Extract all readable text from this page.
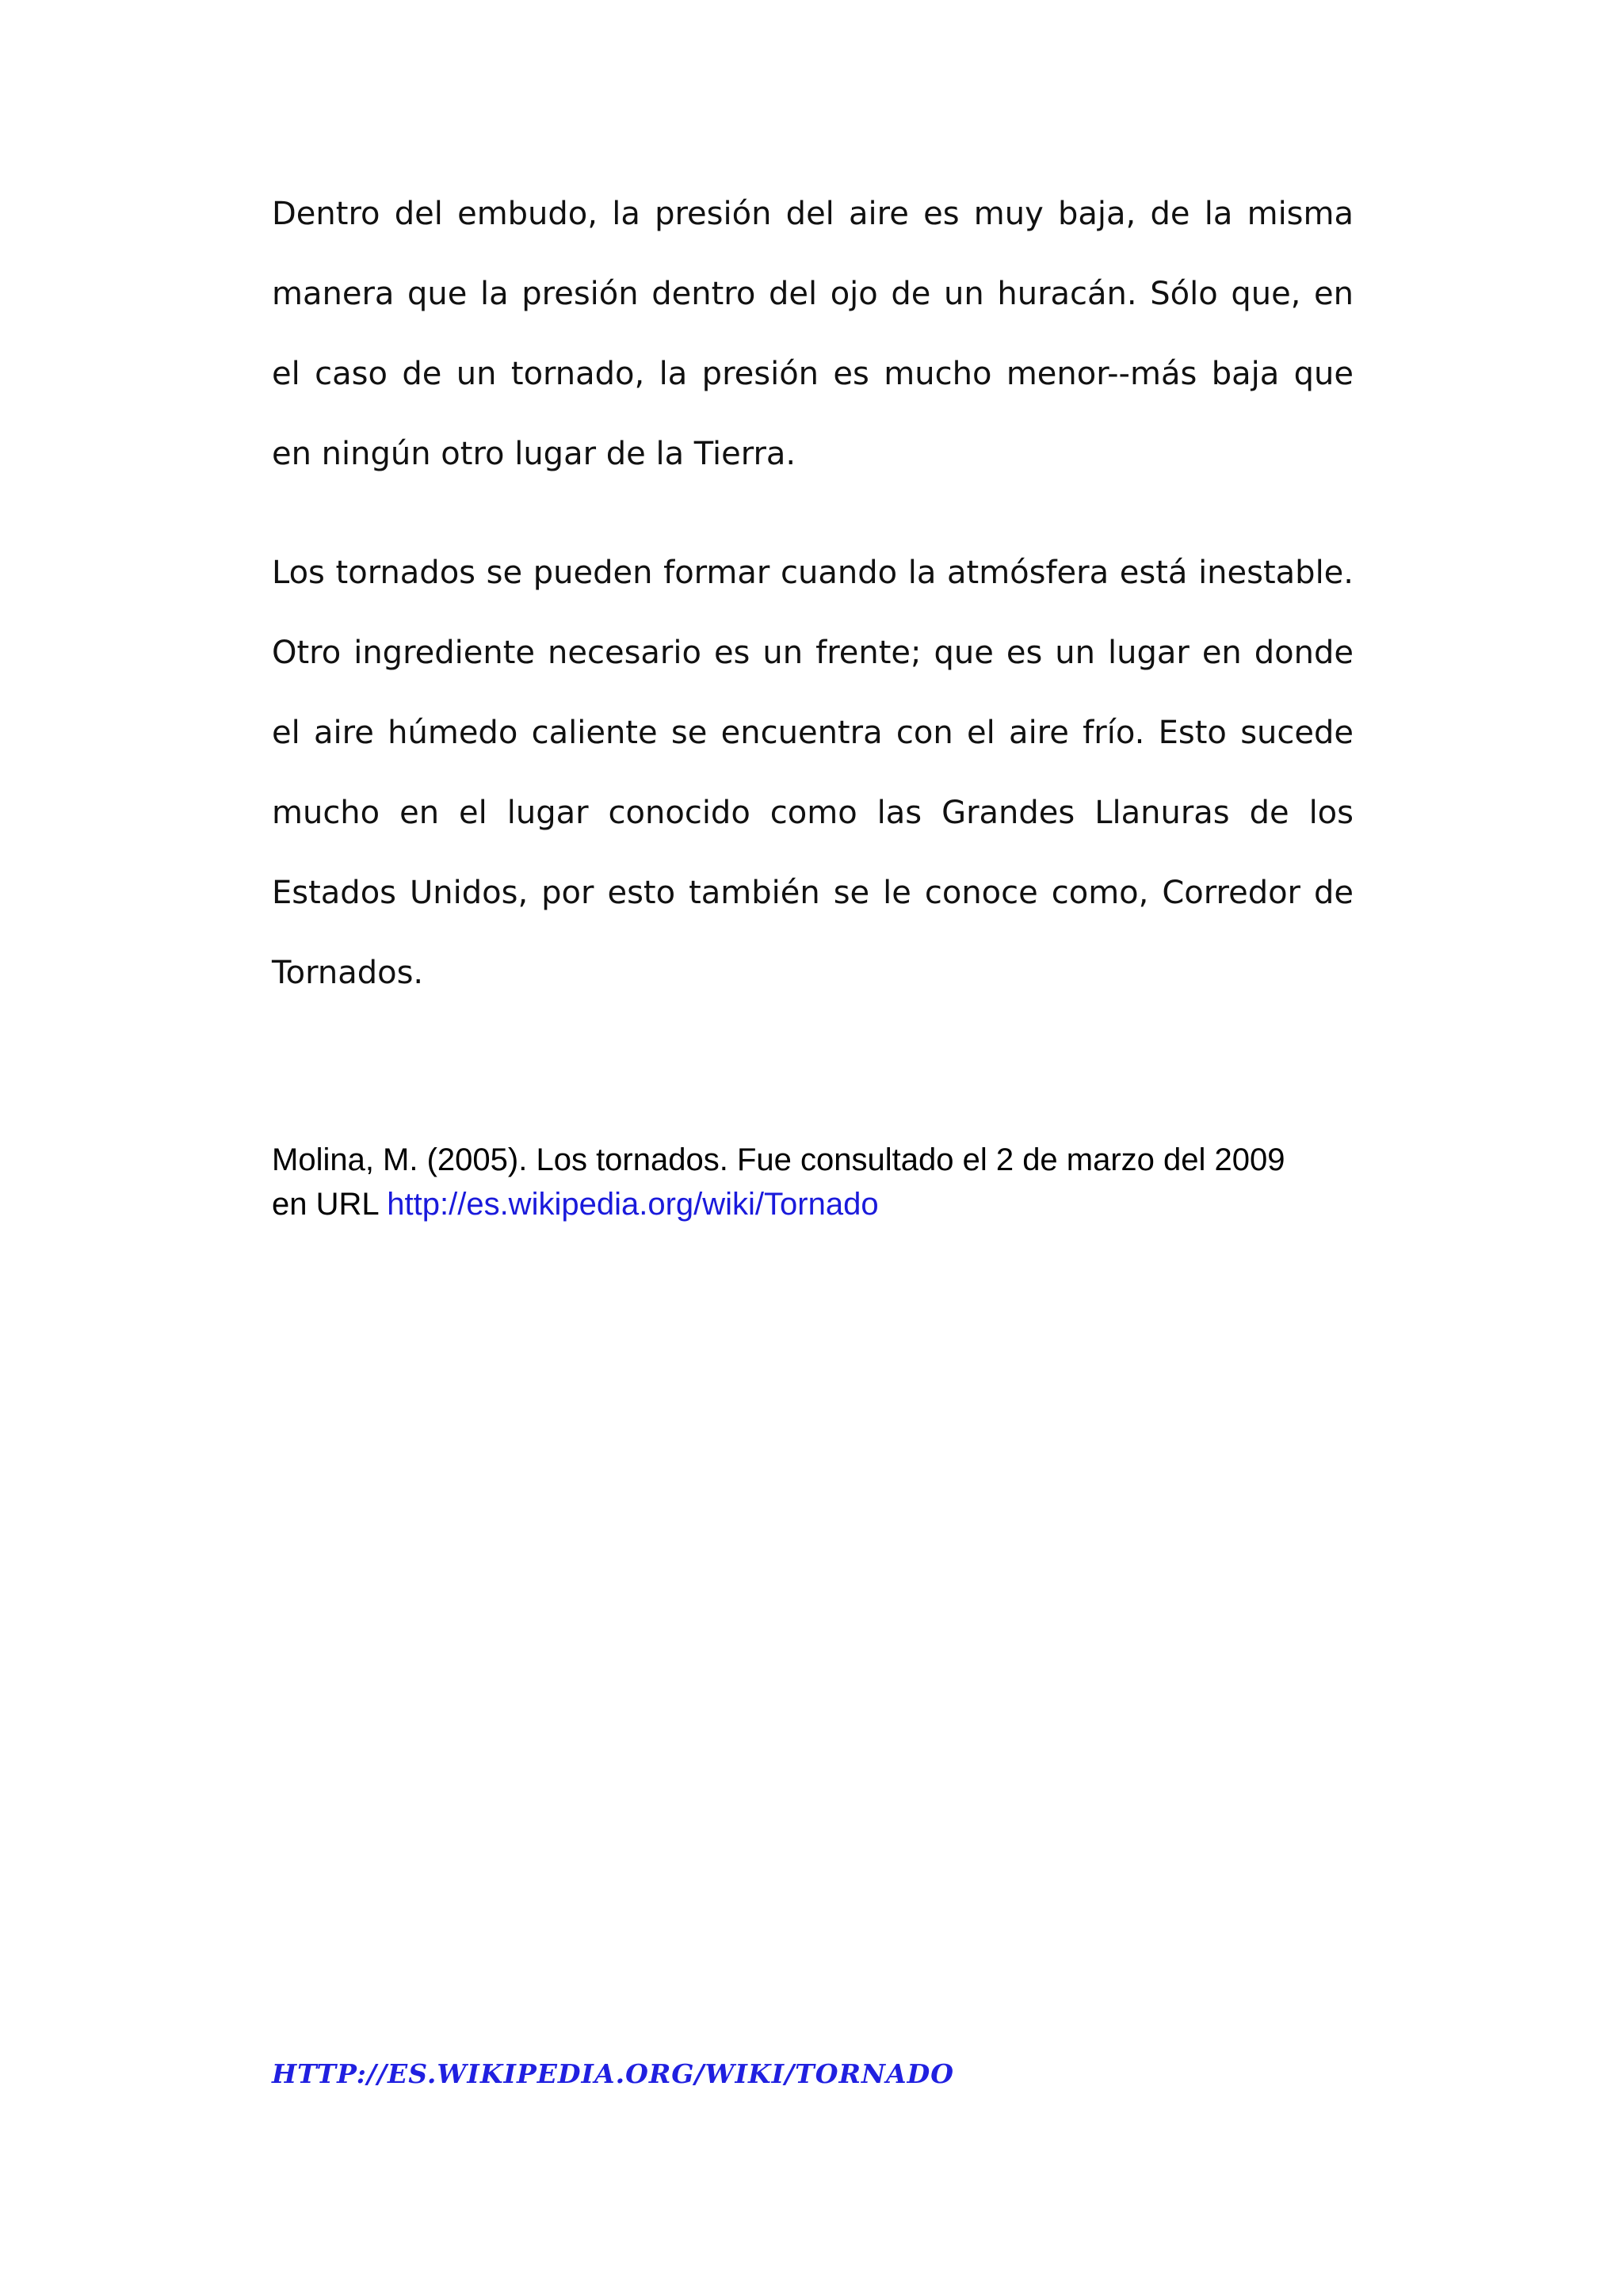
Dentro del embudo, la presión del aire es muy baja, de la misma manera que la presión dentro del ojo de un huracán. Sólo que, en el caso de un tornado, la presión es mucho menor--más baja que en ningún otro lugar de la Tierra.

Los tornados se pueden formar cuando la atmósfera está inestable. Otro ingrediente necesario es un frente; que es un lugar en donde el aire húmedo caliente se encuentra con el aire frío. Esto sucede mucho en el lugar conocido como las Grandes Llanuras de los Estados Unidos, por esto también se le conoce como, Corredor de Tornados.

Molina, M. (2005). Los tornados. Fue consultado el 2 de marzo del 2009
en URL http://es.wikipedia.org/wiki/Tornado
HTTP://ES.WIKIPEDIA.ORG/WIKI/TORNADO
